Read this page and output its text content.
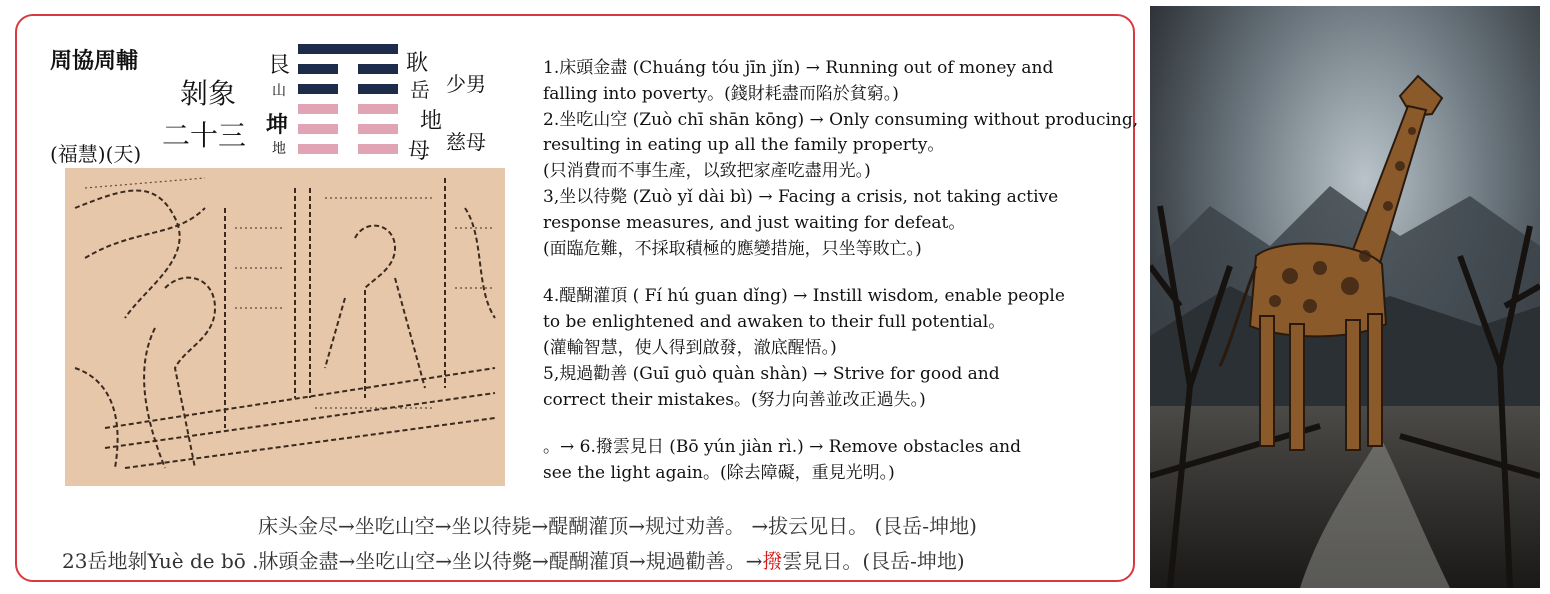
周協周輔
剝象
二十三
(福慧)(天)
艮
山
坤
地
耿
岳
地
母
少男
慈母

1.床頭金盡 (Chuáng tóu jīn jǐn) → Running out of money and

falling into poverty。(錢財耗盡而陷於貧窮。)

2.坐吃山空 (Zuò chī shān kōng) → Only consuming without producing,

resulting in eating up all the family property。

(只消費而不事生產，以致把家產吃盡用光。)

3,坐以待斃 (Zuò yǐ dài bì) → Facing a crisis, not taking active

response measures, and just waiting for defeat。

(面臨危難，不採取積極的應變措施，只坐等敗亡。)

4.醍醐灌頂 ( Fí hú guan dǐng) → Instill wisdom, enable people

to be enlightened and awaken to their full potential。

(灌輸智慧，使人得到啟發，澈底醒悟。)

5,規過勸善 (Guī guò quàn shàn) → Strive for good and

correct their mistakes。(努力向善並改正過失。)

。→ 6.撥雲見日 (Bō yún jiàn rì.) → Remove obstacles and

see the light again。(除去障礙，重見光明。)

床头金尽→坐吃山空→坐以待毙→醍醐灌顶→规过劝善。 →拔云见日。 (艮岳-坤地)
23岳地剝Yuè de bō .牀頭金盡→坐吃山空→坐以待斃→醍醐灌頂→規過勸善。→撥雲見日。(艮岳-坤地)
